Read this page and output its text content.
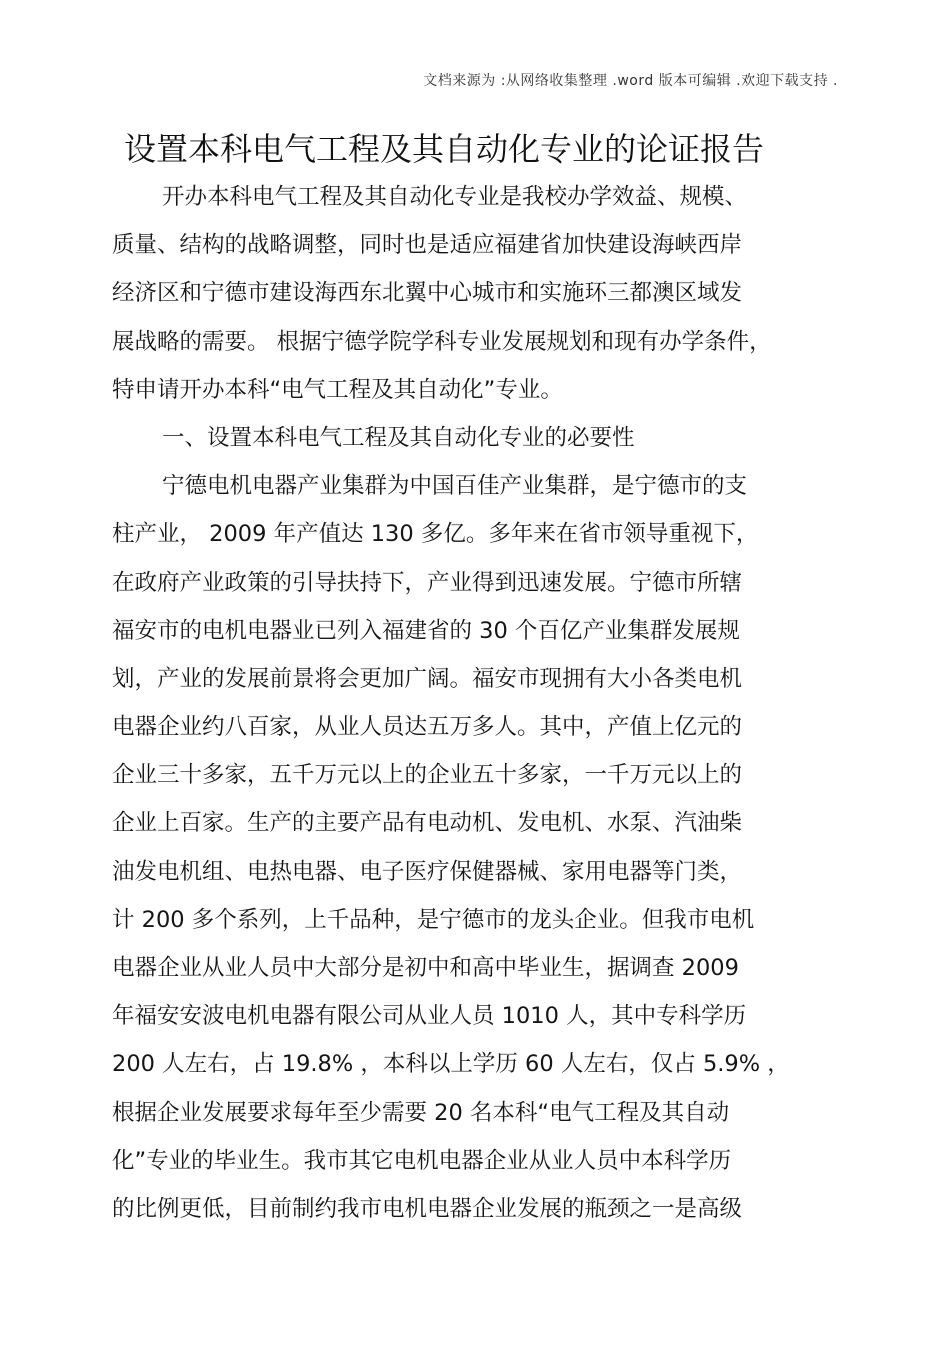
文档来源为 :从网络收集整理 .word 版本可编辑 .欢迎下载支持 .
设置本科电气工程及其自动化专业的论证报告
开办本科电气工程及其自动化专业是我校办学效益、规模、
质量、结构的战略调整，同时也是适应福建省加快建设海峡西岸
经济区和宁德市建设海西东北翼中心城市和实施环三都澳区域发
展战略的需要。 根据宁德学院学科专业发展规划和现有办学条件，
特申请开办本科“电气工程及其自动化”专业。
一、设置本科电气工程及其自动化专业的必要性
宁德电机电器产业集群为中国百佳产业集群，是宁德市的支
柱产业， 2009 年产值达 130 多亿。多年来在省市领导重视下，
在政府产业政策的引导扶持下，产业得到迅速发展。宁德市所辖
福安市的电机电器业已列入福建省的 30 个百亿产业集群发展规
划，产业的发展前景将会更加广阔。福安市现拥有大小各类电机
电器企业约八百家，从业人员达五万多人。其中，产值上亿元的
企业三十多家，五千万元以上的企业五十多家，一千万元以上的
企业上百家。生产的主要产品有电动机、发电机、水泵、汽油柴
油发电机组、电热电器、电子医疗保健器械、家用电器等门类，
计 200 多个系列，上千品种，是宁德市的龙头企业。但我市电机
电器企业从业人员中大部分是初中和高中毕业生，据调查 2009
年福安安波电机电器有限公司从业人员 1010 人，其中专科学历
200 人左右，占 19.8% ，本科以上学历 60 人左右，仅占 5.9% ，
根据企业发展要求每年至少需要 20 名本科“电气工程及其自动
化”专业的毕业生。我市其它电机电器企业从业人员中本科学历
的比例更低，目前制约我市电机电器企业发展的瓶颈之一是高级
